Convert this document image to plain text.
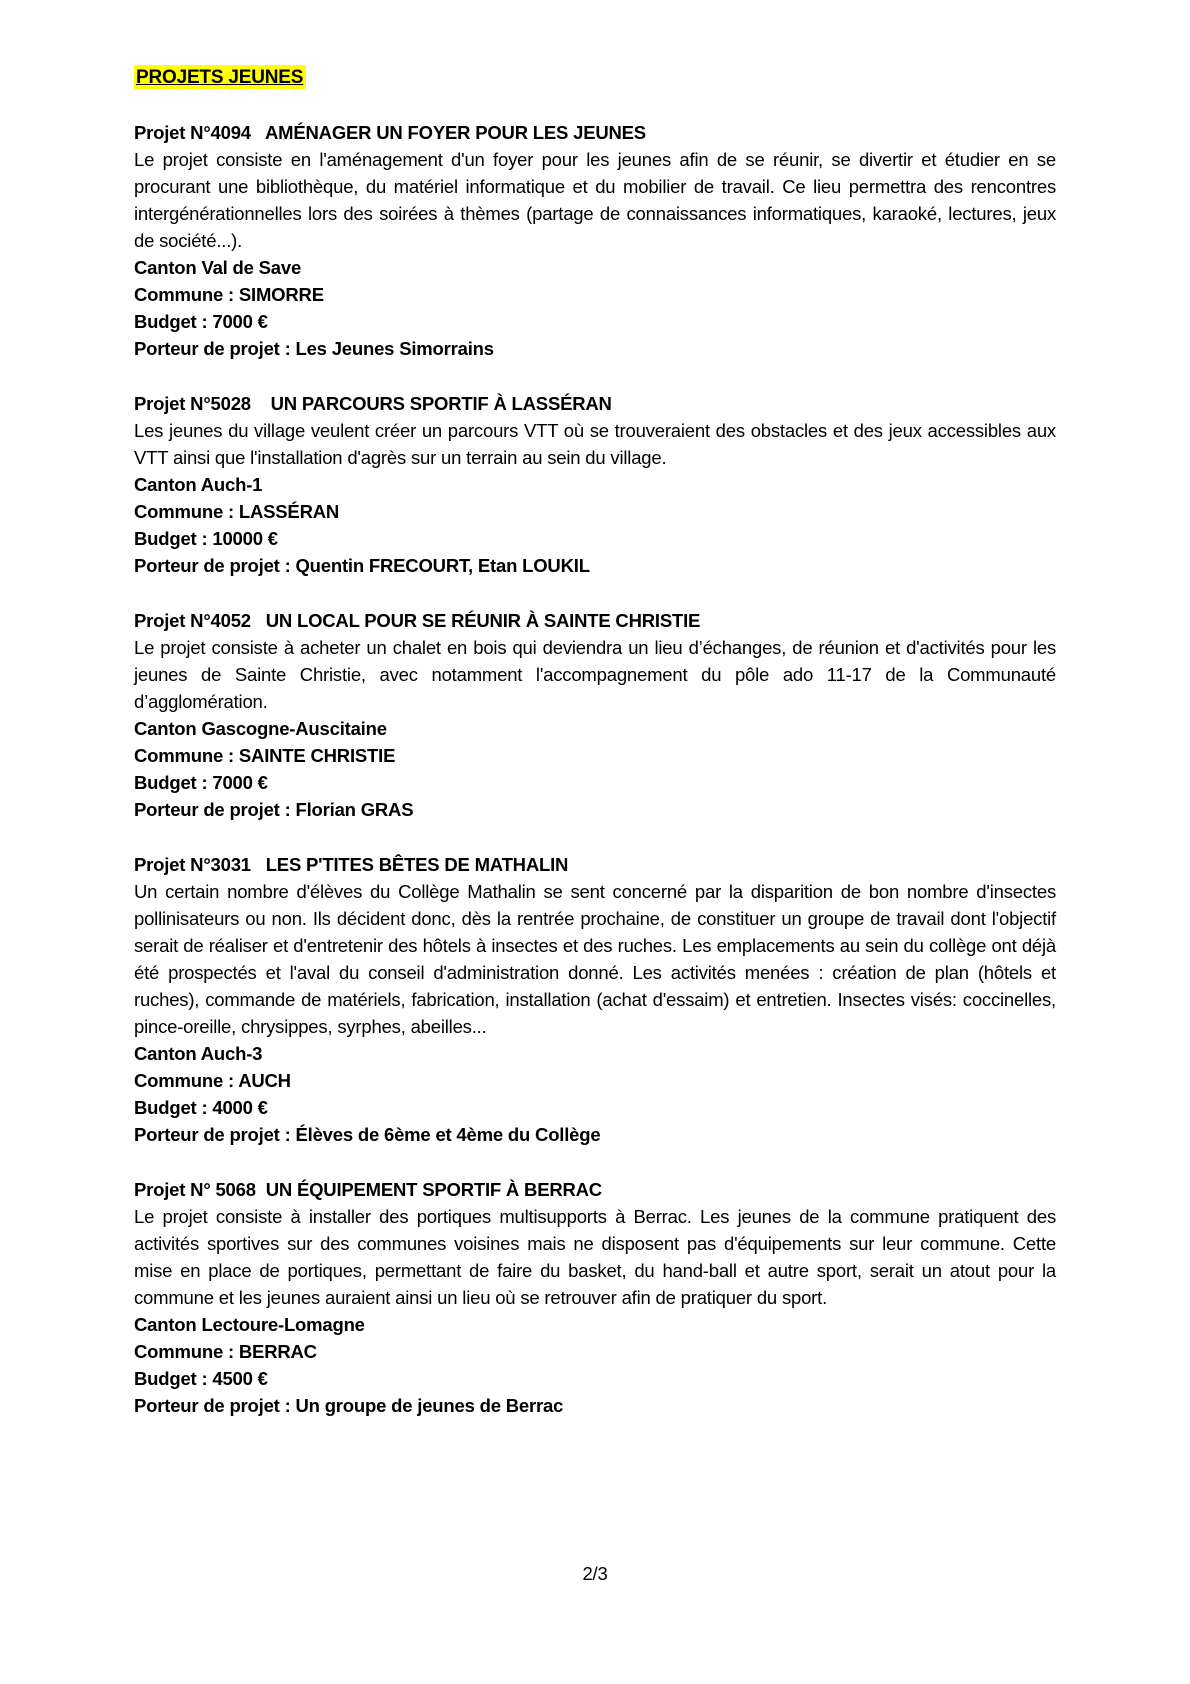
PROJETS JEUNES

Projet N°4094   AMÉNAGER UN FOYER POUR LES JEUNES

Le projet consiste en l'aménagement d'un foyer pour les jeunes afin de se réunir, se divertir et étudier en se procurant une bibliothèque, du matériel informatique et du mobilier de travail. Ce lieu permettra des rencontres intergénérationnelles lors des soirées à thèmes (partage de connaissances informatiques, karaoké, lectures, jeux de société...).

Canton Val de Save

Commune : SIMORRE

Budget : 7000 €

Porteur de projet : Les Jeunes Simorrains

Projet N°5028    UN PARCOURS SPORTIF À LASSÉRAN

Les jeunes du village veulent créer un parcours VTT où se trouveraient des obstacles et des jeux accessibles aux VTT ainsi que l'installation d'agrès sur un terrain au sein du village.

Canton Auch-1

Commune : LASSÉRAN

Budget : 10000 €

Porteur de projet : Quentin FRECOURT, Etan LOUKIL

Projet N°4052   UN LOCAL POUR SE RÉUNIR À SAINTE CHRISTIE

Le projet consiste à acheter un chalet en bois qui deviendra un lieu d’échanges, de réunion et d'activités pour les jeunes de Sainte Christie, avec notamment l'accompagnement du pôle ado 11-17 de la Communauté d’agglomération.

Canton Gascogne-Auscitaine

Commune : SAINTE CHRISTIE

Budget : 7000 €

Porteur de projet : Florian GRAS

Projet N°3031   LES P'TITES BÊTES DE MATHALIN

Un certain nombre d'élèves du Collège Mathalin se sent concerné par la disparition de bon nombre d'insectes pollinisateurs ou non. Ils décident donc, dès la rentrée prochaine, de constituer un groupe de travail dont l'objectif serait de réaliser et d'entretenir des hôtels à insectes et des ruches. Les emplacements au sein du collège ont déjà été prospectés et l'aval du conseil d'administration donné. Les activités menées : création de plan (hôtels et ruches), commande de matériels, fabrication, installation (achat d'essaim) et entretien. Insectes visés: coccinelles, pince-oreille, chrysippes, syrphes, abeilles...

Canton Auch-3

Commune : AUCH

Budget : 4000 €

Porteur de projet : Élèves de 6ème et 4ème du Collège

Projet N° 5068  UN ÉQUIPEMENT SPORTIF À BERRAC

Le projet consiste à installer des portiques multisupports à Berrac. Les jeunes de la commune pratiquent des activités sportives sur des communes voisines mais ne disposent pas d'équipements sur leur commune. Cette mise en place de portiques, permettant de faire du basket, du hand-ball et autre sport, serait un atout pour la commune et les jeunes auraient ainsi un lieu où se retrouver afin de pratiquer du sport.

Canton Lectoure-Lomagne

Commune : BERRAC

Budget : 4500 €

Porteur de projet : Un groupe de jeunes de Berrac

2/3
